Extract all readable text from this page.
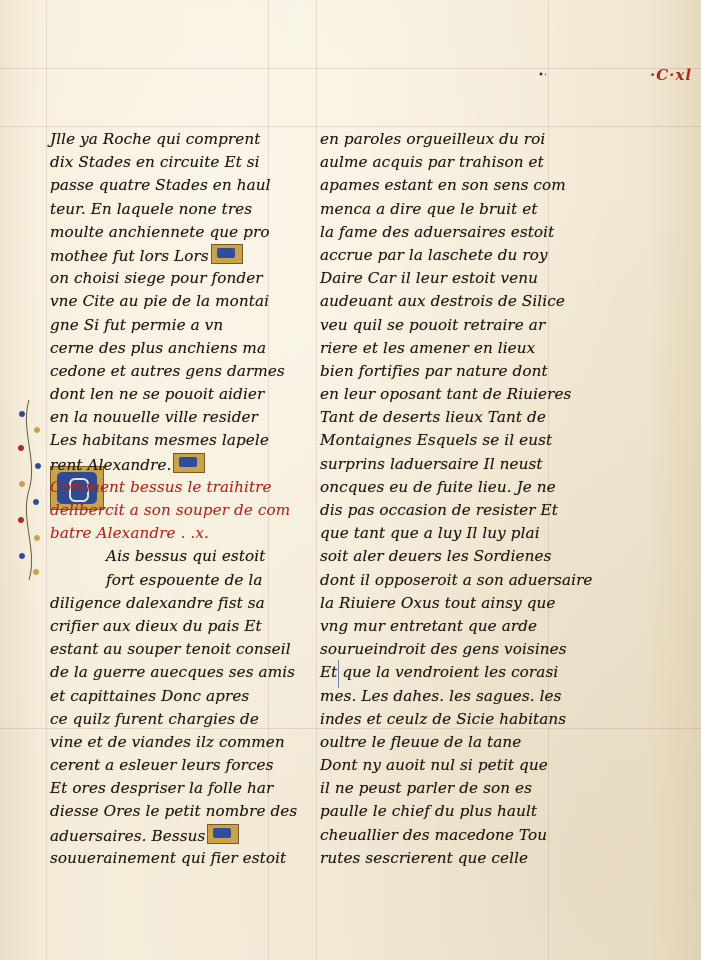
•·	·C·xl
Jlle ya Roche qui comprent
dix Stades en circuite Et si
passe quatre Stades en haul
teur. En laquele none tres
moulte anchiennete que pro
mothee fut lors Lors
on choisi siege pour fonder
vne Cite au pie de la montai
gne Si fut permie a vn
cerne des plus anchiens ma
cedone et autres gens darmes
dont len ne se pouoit aidier
en la nouuelle ville resider
Les habitans mesmes lapele
rent Alexandre.
Comment bessus le traihitre
delibercit a son souper de com
batre Alexandre . .x.
Ais bessus qui estoit
fort espouente de la
diligence dalexandre fist sa
crifier aux dieux du pais Et
estant au souper tenoit conseil
de la guerre auecques ses amis
et capittaines Donc apres
ce quilz furent chargies de
vine et de viandes ilz commen
cerent a esleuer leurs forces
Et ores despriser la folle har
diesse Ores le petit nombre des
aduersaires. Bessus
souuerainement qui fier estoit
en paroles orgueilleux du roi
aulme acquis par trahison et
apames estant en son sens com
menca a dire que le bruit et
la fame des aduersaires estoit
accrue par la laschete du roy
Daire Car il leur estoit venu
audeuant aux destrois de Silice
veu quil se pouoit retraire ar
riere et les amener en lieux
bien fortifies par nature dont
en leur oposant tant de Riuieres
Tant de deserts lieux Tant de
Montaignes Esquels se il eust
surprins laduersaire Il neust
oncques eu de fuite lieu. Je ne
dis pas occasion de resister Et
que tant que a luy Il luy plai
soit aler deuers les Sordienes
dont il opposeroit a son aduersaire
la Riuiere Oxus tout ainsy que
vng mur entretant que arde
sourueindroit des gens voisines
Et que la vendroient les corasi
mes. Les dahes. les sagues. les
indes et ceulz de Sicie habitans
oultre le fleuue de la tane
Dont ny auoit nul si petit que
il ne peust parler de son es
paulle le chief du plus hault
cheuallier des macedone Tou
rutes sescrierent que celle
